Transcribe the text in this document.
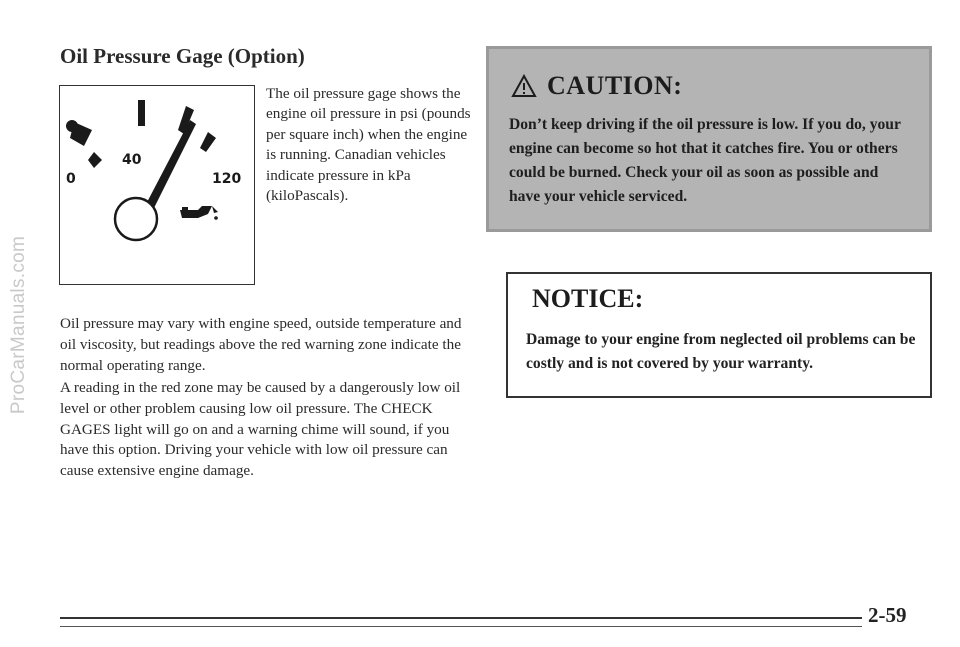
ProCarManuals.com
Oil Pressure Gage (Option)
0
40
120

The oil pressure gage shows the engine oil pressure in psi (pounds per square inch) when the engine is running. Canadian vehicles indicate pressure in kPa (kiloPascals).

Oil pressure may vary with engine speed, outside temperature and oil viscosity, but readings above the red warning zone indicate the normal operating range.

A reading in the red zone may be caused by a dangerously low oil level or other problem causing low oil pressure. The CHECK GAGES light will go on and a warning chime will sound, if you have this option. Driving your vehicle with low oil pressure can cause extensive engine damage.

CAUTION:

Don’t keep driving if the oil pressure is low. If you do, your engine can become so hot that it catches fire. You or others could be burned. Check your oil as soon as possible and have your vehicle serviced.

NOTICE:

Damage to your engine from neglected oil problems can be costly and is not covered by your warranty.

2-59
